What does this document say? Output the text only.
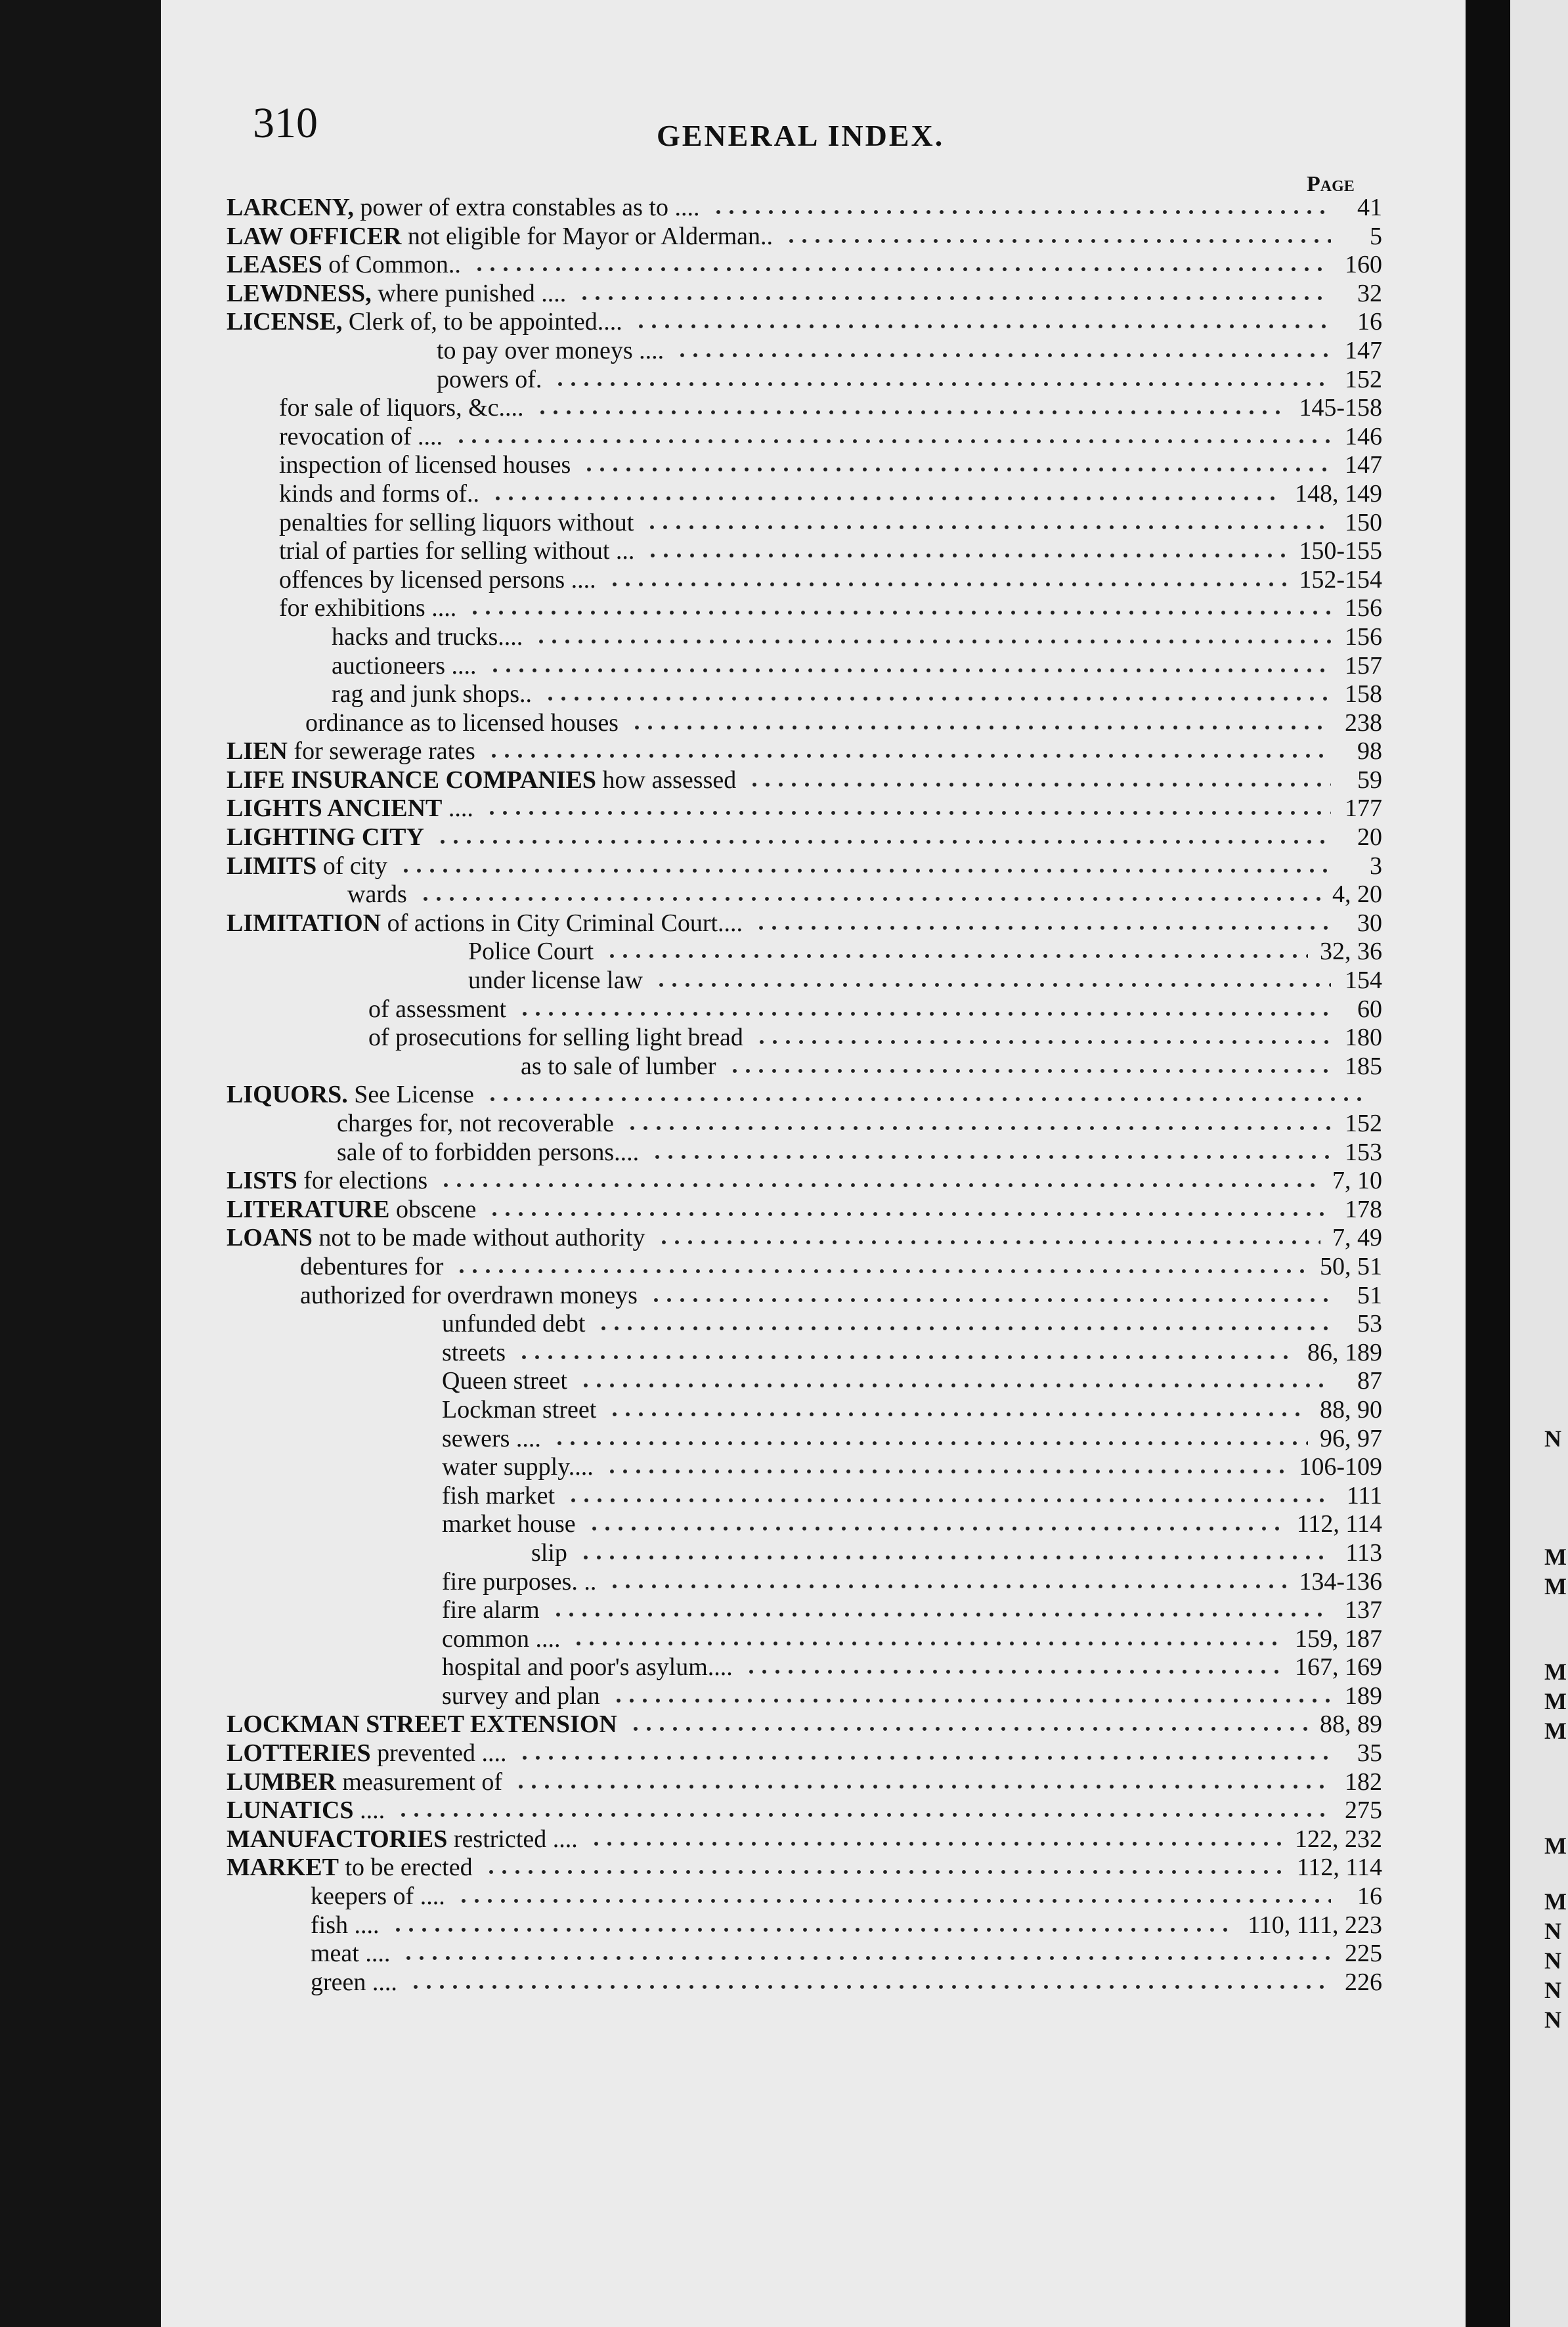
310	GENERAL INDEX.
Page
LARCENY, power of extra constables as to ....	41
LAW OFFICER not eligible for Mayor or Alderman..	5
LEASES of Common..	160
LEWDNESS, where punished ....	32
LICENSE, Clerk of, to be appointed....	16
to pay over moneys ....	147
powers of.	152
for sale of liquors, &c....	145-158
revocation of ....	146
inspection of licensed houses	147
kinds and forms of..	148, 149
penalties for selling liquors without	150
trial of parties for selling without ...	150-155
offences by licensed persons ....	152-154
for exhibitions ....	156
hacks and trucks....	156
auctioneers ....	157
rag and junk shops..	158
ordinance as to licensed houses	238
LIEN for sewerage rates	98
LIFE INSURANCE COMPANIES how assessed	59
LIGHTS ANCIENT ....	177
LIGHTING CITY	20
LIMITS of city	3
wards	4, 20
LIMITATION of actions in City Criminal Court....	30
Police Court	32, 36
under license law	154
of assessment	60
of prosecutions for selling light bread	180
as to sale of lumber	185
LIQUORS. See License
charges for, not recoverable	152
sale of to forbidden persons....	153
LISTS for elections	7, 10
LITERATURE obscene	178
LOANS not to be made without authority	7, 49
debentures for	50, 51
authorized for overdrawn moneys	51
unfunded debt	53
streets	86, 189
Queen street	87
Lockman street	88, 90
sewers ....	96, 97
water supply....	106-109
fish market	111
market house	112, 114
slip	113
fire purposes. ..	134-136
fire alarm	137
common ....	159, 187
hospital and poor's asylum....	167, 169
survey and plan	189
LOCKMAN STREET EXTENSION	88, 89
LOTTERIES prevented ....	35
LUMBER measurement of	182
LUNATICS ....	275
MANUFACTORIES restricted ....	122, 232
MARKET to be erected	112, 114
keepers of ....	16
fish ....	110, 111, 223
meat ....	225
green ....	226
N
M
M
M
M
M
M
M
N
N
N
N
